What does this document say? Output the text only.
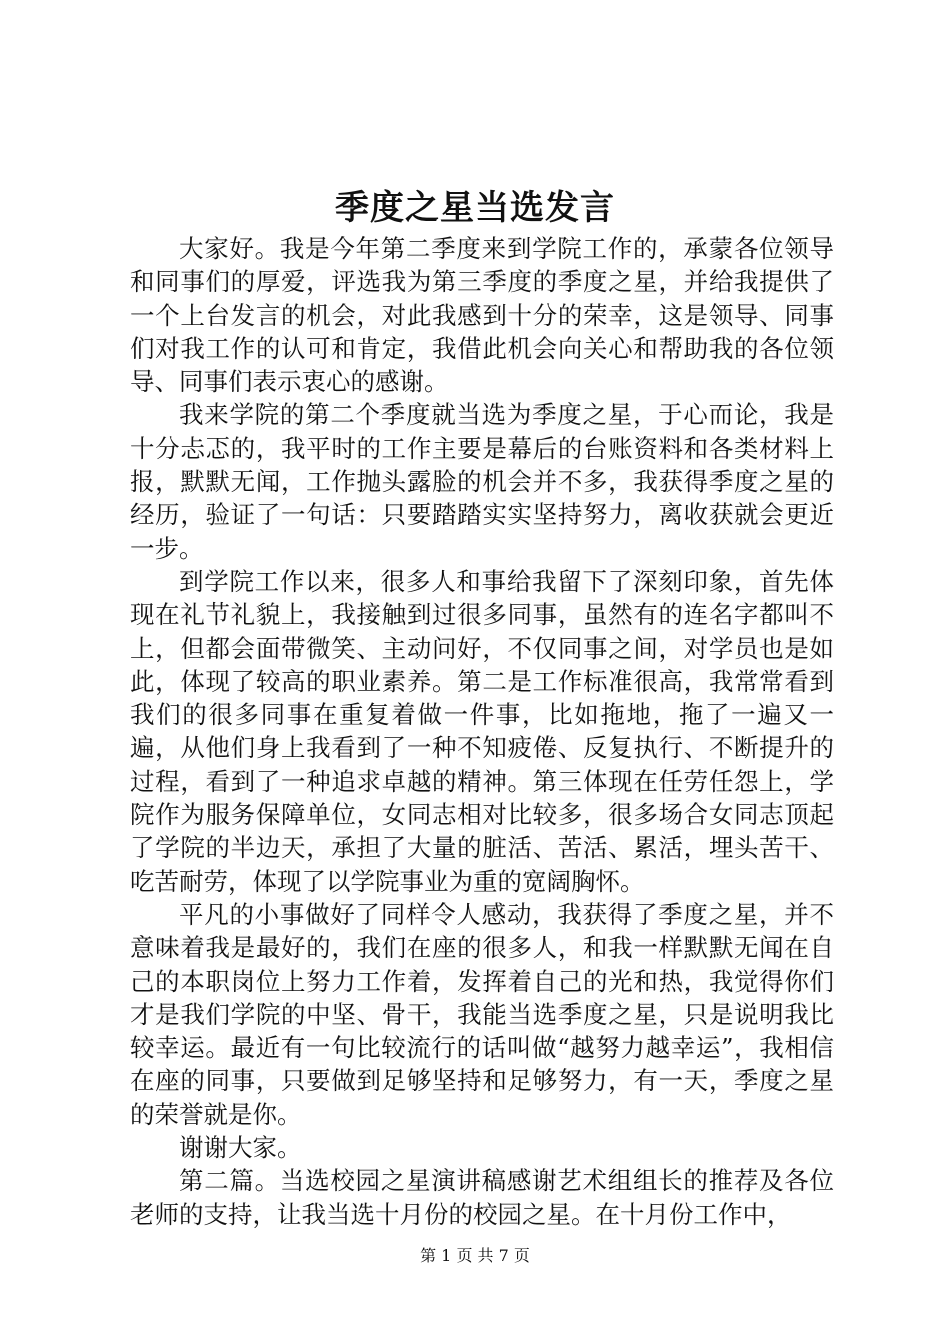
季度之星当选发言

大家好。我是今年第二季度来到学院工作的，承蒙各位领导和同事们的厚爱，评选我为第三季度的季度之星，并给我提供了一个上台发言的机会，对此我感到十分的荣幸，这是领导、同事们对我工作的认可和肯定，我借此机会向关心和帮助我的各位领导、同事们表示衷心的感谢。

我来学院的第二个季度就当选为季度之星，于心而论，我是十分忐忑的，我平时的工作主要是幕后的台账资料和各类材料上报，默默无闻，工作抛头露脸的机会并不多，我获得季度之星的经历，验证了一句话：只要踏踏实实坚持努力，离收获就会更近一步。

到学院工作以来，很多人和事给我留下了深刻印象，首先体现在礼节礼貌上，我接触到过很多同事，虽然有的连名字都叫不上，但都会面带微笑、主动问好，不仅同事之间，对学员也是如此，体现了较高的职业素养。第二是工作标准很高，我常常看到我们的很多同事在重复着做一件事，比如拖地，拖了一遍又一遍，从他们身上我看到了一种不知疲倦、反复执行、不断提升的过程，看到了一种追求卓越的精神。第三体现在任劳任怨上，学院作为服务保障单位，女同志相对比较多，很多场合女同志顶起了学院的半边天，承担了大量的脏活、苦活、累活，埋头苦干、吃苦耐劳，体现了以学院事业为重的宽阔胸怀。

平凡的小事做好了同样令人感动，我获得了季度之星，并不意味着我是最好的，我们在座的很多人，和我一样默默无闻在自己的本职岗位上努力工作着，发挥着自己的光和热，我觉得你们才是我们学院的中坚、骨干，我能当选季度之星，只是说明我比较幸运。最近有一句比较流行的话叫做“越努力越幸运”，我相信在座的同事，只要做到足够坚持和足够努力，有一天，季度之星的荣誉就是你。

谢谢大家。

第二篇。当选校园之星演讲稿感谢艺术组组长的推荐及各位老师的支持，让我当选十月份的校园之星。在十月份工作中，

第 1 页 共 7 页
